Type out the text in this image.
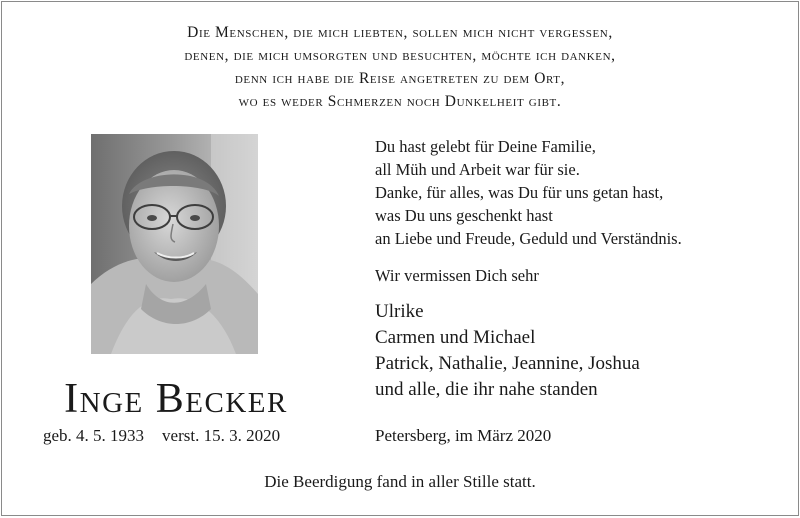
Die Menschen, die mich liebten, sollen mich nicht vergessen,
denen, die mich umsorgten und besuchten, möchte ich danken,
denn ich habe die Reise angetreten zu dem Ort,
wo es weder Schmerzen noch Dunkelheit gibt.
Inge Becker
geb. 4. 5. 1933 verst. 15. 3. 2020
Du hast gelebt für Deine Familie,
all Müh und Arbeit war für sie.
Danke, für alles, was Du für uns getan hast,
was Du uns geschenkt hast
an Liebe und Freude, Geduld und Verständnis.
Wir vermissen Dich sehr
Ulrike
Carmen und Michael
Patrick, Nathalie, Jeannine, Joshua
und alle, die ihr nahe standen
Petersberg, im März 2020
Die Beerdigung fand in aller Stille statt.
